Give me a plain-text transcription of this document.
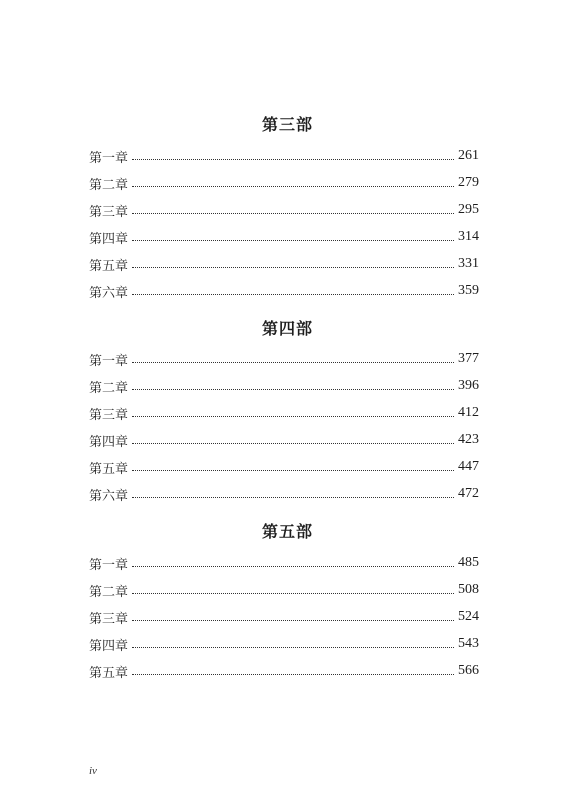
第三部
第一章	261
第二章	279
第三章	295
第四章	314
第五章	331
第六章	359
第四部
第一章	377
第二章	396
第三章	412
第四章	423
第五章	447
第六章	472
第五部
第一章	485
第二章	508
第三章	524
第四章	543
第五章	566
iv
